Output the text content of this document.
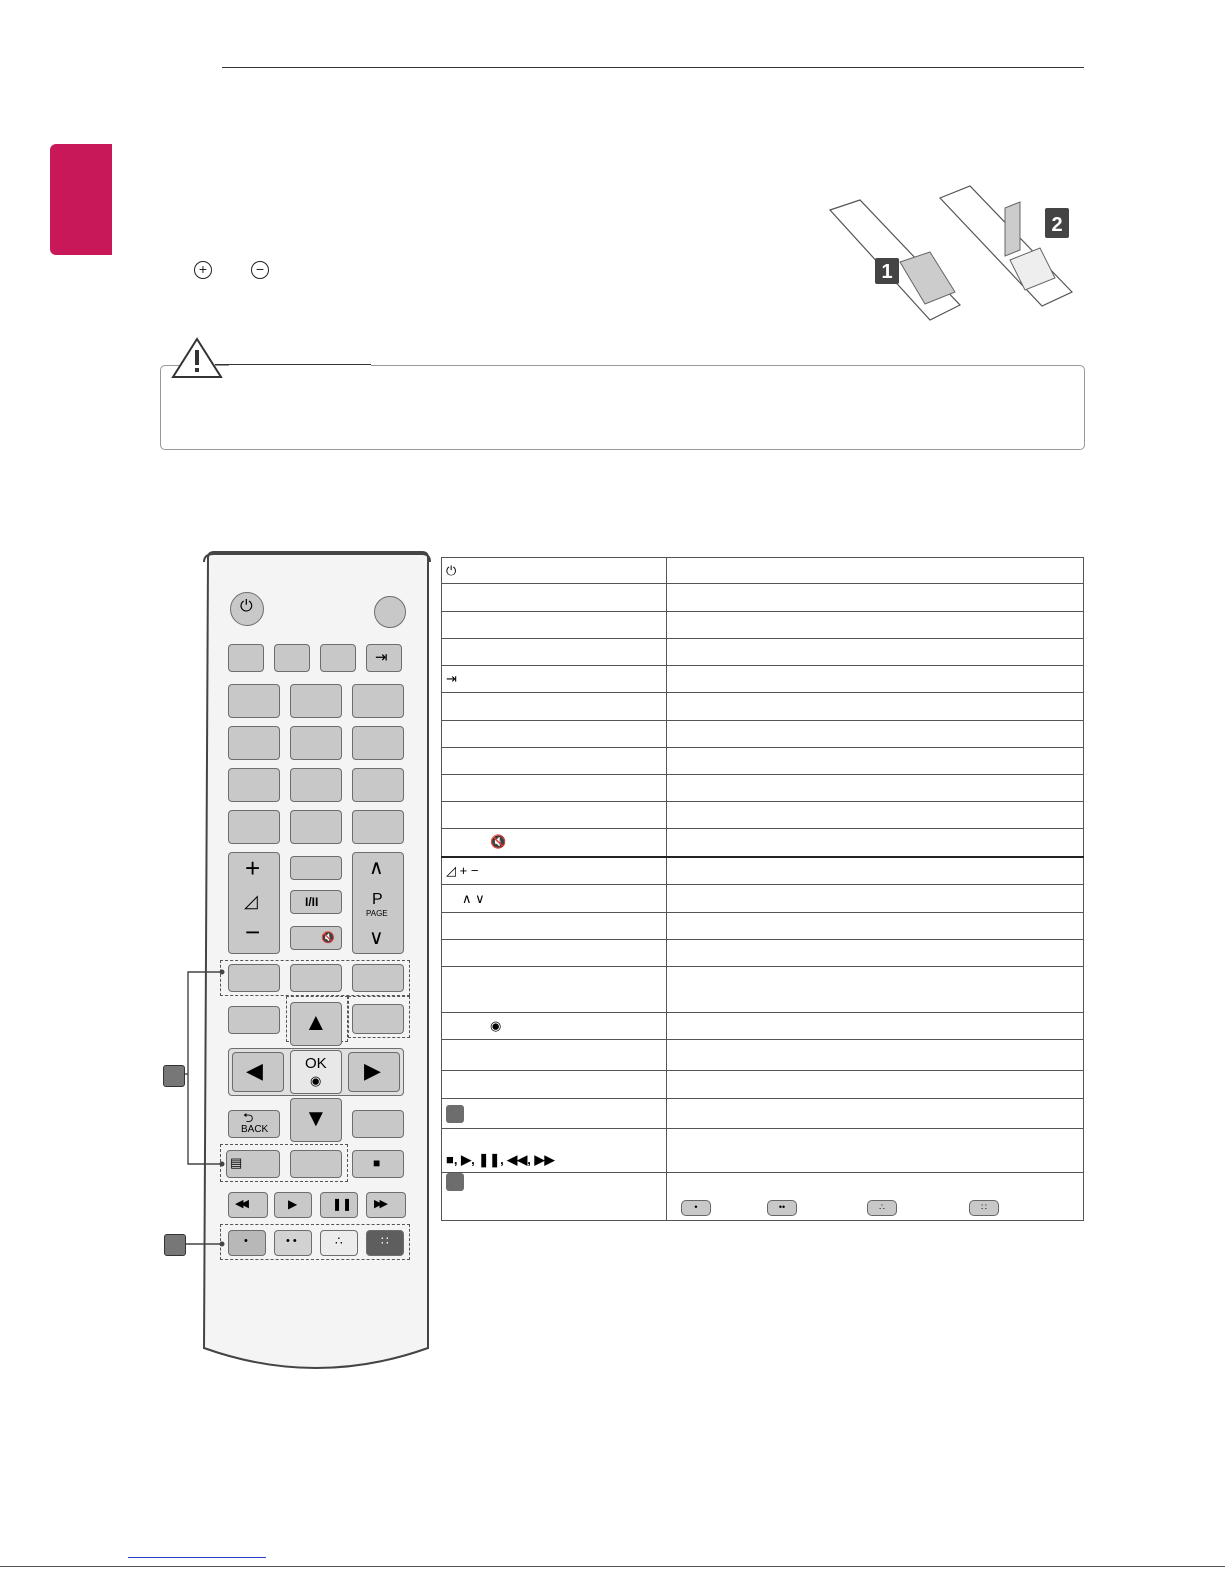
+	−	1
2
⏻
⇥
+
◿
−
I/II
🔇
∧
P
PAGE
∨
▲
◀	OK
◉ ▶
▼
⮌
BACK
▤	■
◀◀	▶	❚❚ ▶▶
•	• •	∴	∷
⏻	

⇥	

🔇	
◿ + −	
∧ ∨	

◉	

■, ▶, ❚❚, ◀◀, ▶▶	
	• •• ∴ ∷
